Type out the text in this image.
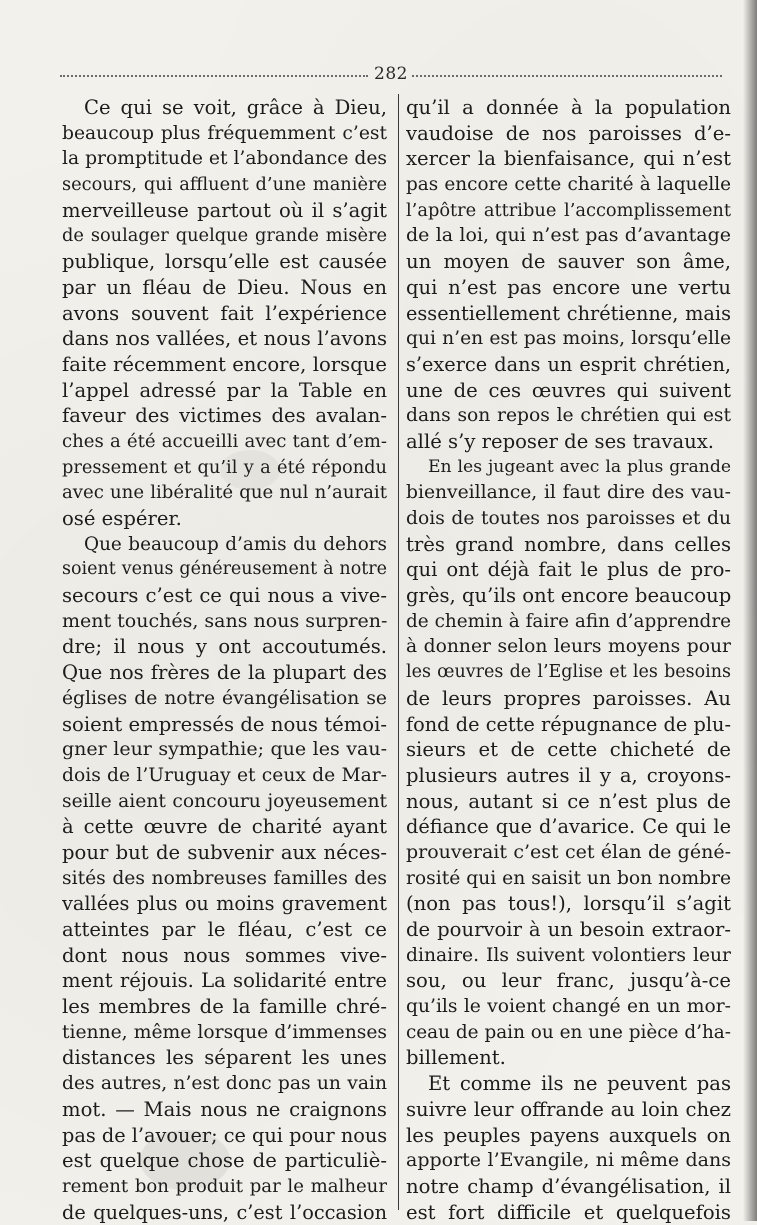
282
Ce qui se voit, grâce à Dieu,
beaucoup plus fréquemment c’est
la promptitude et l’abondance des
secours, qui affluent d’une manière
merveilleuse partout où il s’agit
de soulager quelque grande misère
publique, lorsqu’elle est causée
par un fléau de Dieu. Nous en
avons souvent fait l’expérience
dans nos vallées, et nous l’avons
faite récemment encore, lorsque
l’appel adressé par la Table en
faveur des victimes des avalan-
ches a été accueilli avec tant d’em-
pressement et qu’il y a été répondu
avec une libéralité que nul n’aurait
osé espérer.
Que beaucoup d’amis du dehors
soient venus généreusement à notre
secours c’est ce qui nous a vive-
ment touchés, sans nous surpren-
dre; il nous y ont accoutumés.
Que nos frères de la plupart des
églises de notre évangélisation se
soient empressés de nous témoi-
gner leur sympathie; que les vau-
dois de l’Uruguay et ceux de Mar-
seille aient concouru joyeusement
à cette œuvre de charité ayant
pour but de subvenir aux néces-
sités des nombreuses familles des
vallées plus ou moins gravement
atteintes par le fléau, c’est ce
dont nous nous sommes vive-
ment réjouis. La solidarité entre
les membres de la famille chré-
tienne, même lorsque d’immenses
distances les séparent les unes
des autres, n’est donc pas un vain
mot. — Mais nous ne craignons
pas de l’avouer; ce qui pour nous
est quelque chose de particuliè-
rement bon produit par le malheur
de quelques-uns, c’est l’occasion
qu’il a donnée à la population
vaudoise de nos paroisses d’e-
xercer la bienfaisance, qui n’est
pas encore cette charité à laquelle
l’apôtre attribue l’accomplissement
de la loi, qui n’est pas d’avantage
un moyen de sauver son âme,
qui n’est pas encore une vertu
essentiellement chrétienne, mais
qui n’en est pas moins, lorsqu’elle
s’exerce dans un esprit chrétien,
une de ces œuvres qui suivent
dans son repos le chrétien qui est
allé s’y reposer de ses travaux.
En les jugeant avec la plus grande
bienveillance, il faut dire des vau-
dois de toutes nos paroisses et du
très grand nombre, dans celles
qui ont déjà fait le plus de pro-
grès, qu’ils ont encore beaucoup
de chemin à faire afin d’apprendre
à donner selon leurs moyens pour
les œuvres de l’Eglise et les besoins
de leurs propres paroisses. Au
fond de cette répugnance de plu-
sieurs et de cette chicheté de
plusieurs autres il y a, croyons-
nous, autant si ce n’est plus de
défiance que d’avarice. Ce qui le
prouverait c’est cet élan de géné-
rosité qui en saisit un bon nombre
(non pas tous!), lorsqu’il s’agit
de pourvoir à un besoin extraor-
dinaire. Ils suivent volontiers leur
sou, ou leur franc, jusqu’à-ce
qu’ils le voient changé en un mor-
ceau de pain ou en une pièce d’ha-
billement.
Et comme ils ne peuvent pas
suivre leur offrande au loin chez
les peuples payens auxquels on
apporte l’Evangile, ni même dans
notre champ d’évangélisation, il
est fort difficile et quelquefois
